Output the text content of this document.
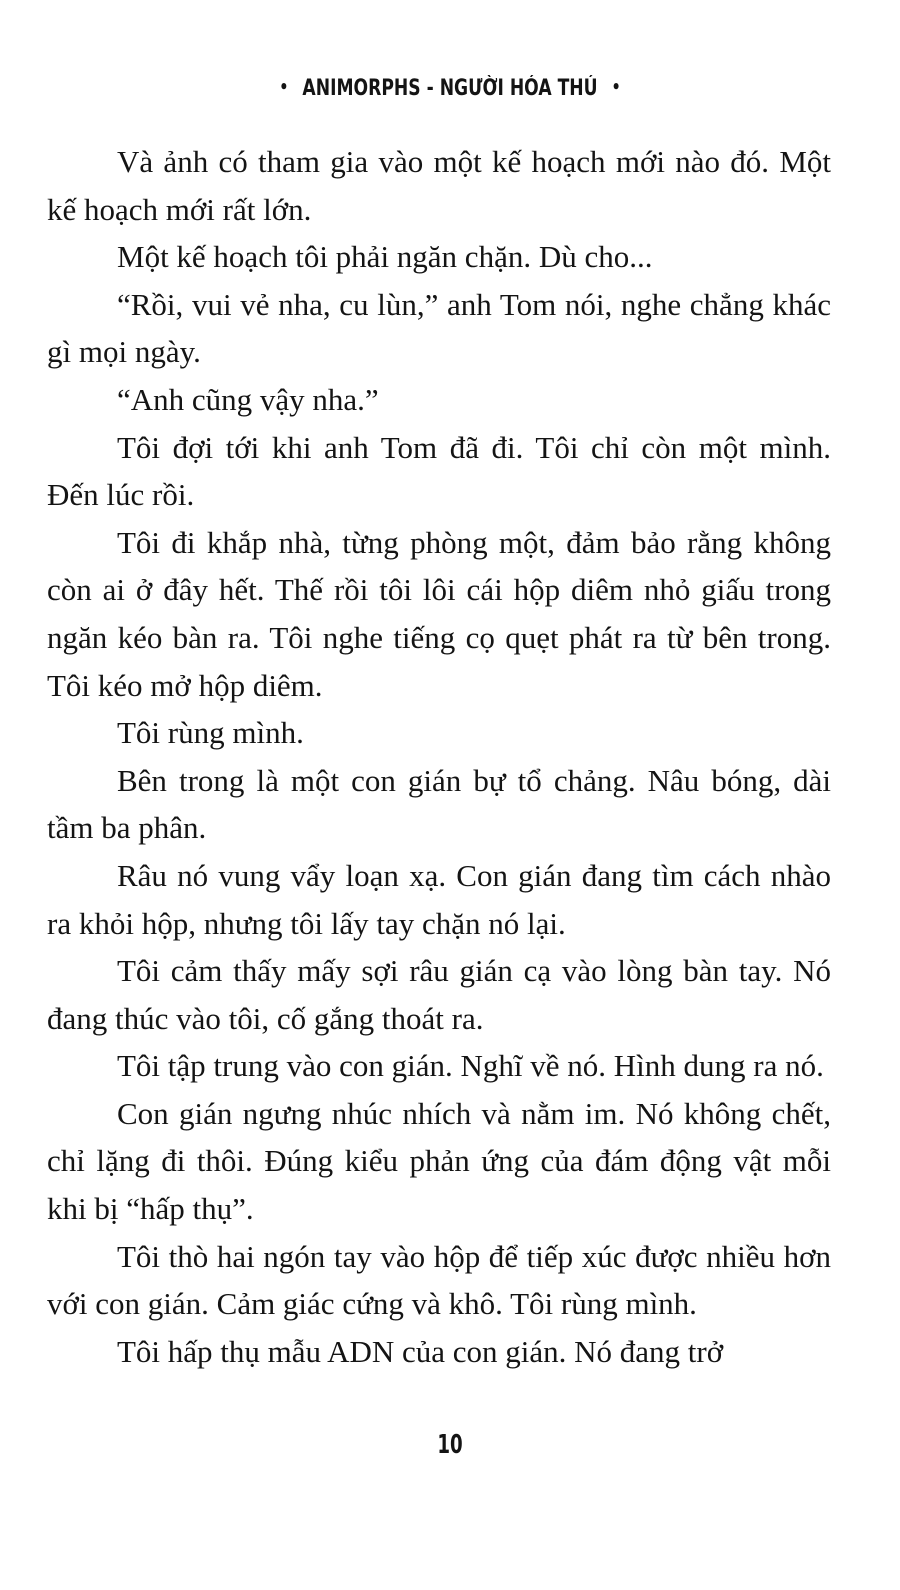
• ANIMORPHS - NGƯỜI HÓA THÚ •

Và ảnh có tham gia vào một kế hoạch mới nào đó. Một kế hoạch mới rất lớn.

Một kế hoạch tôi phải ngăn chặn. Dù cho...

“Rồi, vui vẻ nha, cu lùn,” anh Tom nói, nghe chẳng khác gì mọi ngày.

“Anh cũng vậy nha.”

Tôi đợi tới khi anh Tom đã đi. Tôi chỉ còn một mình. Đến lúc rồi.

Tôi đi khắp nhà, từng phòng một, đảm bảo rằng không còn ai ở đây hết. Thế rồi tôi lôi cái hộp diêm nhỏ giấu trong ngăn kéo bàn ra. Tôi nghe tiếng cọ quẹt phát ra từ bên trong. Tôi kéo mở hộp diêm.

Tôi rùng mình.

Bên trong là một con gián bự tổ chảng. Nâu bóng, dài tầm ba phân.

Râu nó vung vẩy loạn xạ. Con gián đang tìm cách nhào ra khỏi hộp, nhưng tôi lấy tay chặn nó lại.

Tôi cảm thấy mấy sợi râu gián cạ vào lòng bàn tay. Nó đang thúc vào tôi, cố gắng thoát ra.

Tôi tập trung vào con gián. Nghĩ về nó. Hình dung ra nó.

Con gián ngưng nhúc nhích và nằm im. Nó không chết, chỉ lặng đi thôi. Đúng kiểu phản ứng của đám động vật mỗi khi bị “hấp thụ”.

Tôi thò hai ngón tay vào hộp để tiếp xúc được nhiều hơn với con gián. Cảm giác cứng và khô. Tôi rùng mình.

Tôi hấp thụ mẫu ADN của con gián. Nó đang trở

10
